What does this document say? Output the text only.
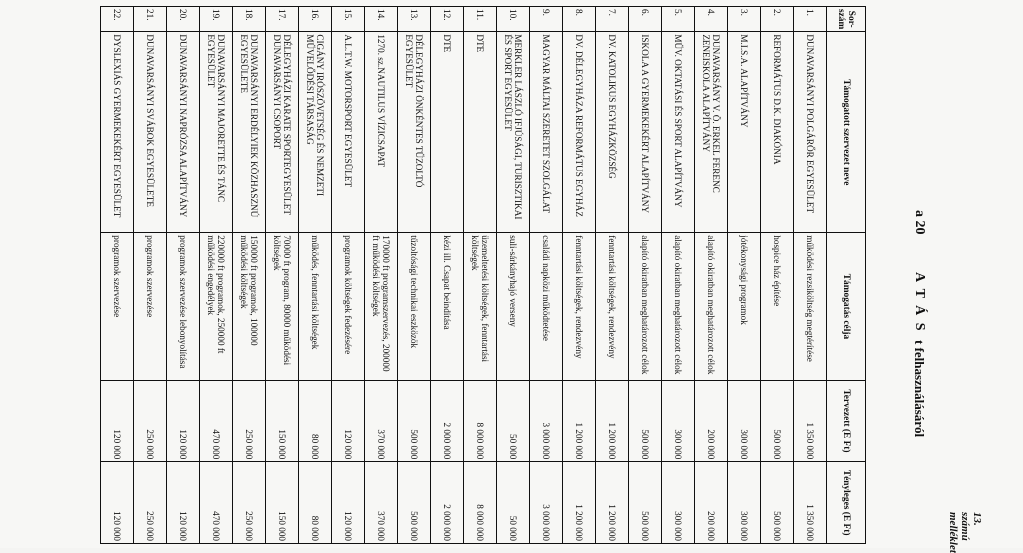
a 20
A T Á S
t felhasználásáról
13. számú melléklet
Sor-szám	Támogatott szervezet neve	Támogatás célja	Tervezett (E Ft)	Tényleges (E Ft)
1.	DUNAVARSÁNYI POLGÁRŐR EGYESÜLET	működési rezsiköltség megtérítése	1 350 000	1 350 000
2.	REFORMÁTUS D.K. DIAKÓNIA	hospice ház építése	500 000	500 000
3.	M.I.S.A. ALAPÍTVÁNY	jótékonysági programok	300 000	300 000
4.	DUNAVARSÁNY V. Ö. ERKEL FERENC ZENEISKOLA ALAPÍTVÁNY	alapító okiratban meghatározott célok	200 000	200 000
5.	MŰV. OKTATÁSI ÉS SPORT ALAPÍTVÁNY	alapító okiratban meghatározott célok	300 000	300 000
6.	ISKOLA A GYERMEKEKÉRT ALAPÍTVÁNY	alapító okiratban meghatározott célok	500 000	500 000
7.	DV. KATOLIKUS EGYHÁZKÖZSÉG	fenntartási költségek, rendezvény	1 200 000	1 200 000
8.	DV. DÉLEGYHÁZA REFORMÁTUS EGYHÁZ	fenntartási költségek, rendezvény	1 200 000	1 200 000
9.	MAGYAR MÁLTAI SZERETET SZOLGÁLAT	családi napközi működtetése	3 000 000	3 000 000
10.	MERKLER LÁSZLÓ IFJÚSÁGI, TURISZTIKAI ÉS SPORT EGYESÜLET	suli-sárkányhajó verseny	50 000	50 000
11.	DTE	üzemeltetési költségek, fenntartási költségek	8 000 000	8 000 000
12.	DTE	kézi ill. Csapat beindítása	2 000 000	2 000 000
13.	DÉLEGYHÁZI ÖNKÉNTES TŰZOLTÓ EGYESÜLET	tűzoltósági technikai eszközök	500 000	500 000
14.	1270. sz.NAUTILUS VÍZICSAPAT	170000 ft programszervezés, 200000 ft működési költségek	370 000	370 000
15.	A.L.T.W. MOTORSPORT EGYESÜLET	programok költségek fedezésére	120 000	120 000
16.	CIGÁNY IRÓSZÖVETSÉG ÉS NEMZETI MŰVELŐDÉSI TÁRSASÁG	működés, fenntartási költségek	80 000	80 000
17.	DÉLEGYHÁZI KARATE SPORTEGYESÜLET DUNAVARSÁNYI CSOPORT	70000 ft program, 80000 működési költségek	150 000	150 000
18.	DUNAVARSÁNYI ERDÉLYIEK KÖZHASZNÚ EGYESÜLETE	150000 ft programok, 100000 működési költségek	250 000	250 000
19.	DUNAVARSÁNYI MAJORETTE ÉS TÁNC EGYESÜLET	220000 ft programok, 250000 ft működési engedélyek	470 000	470 000
20.	DUNAVARSÁNYI NAPRÓZSA ALAPÍTVÁNY	programok szervezése lebonyolítása	120 000	120 000
21.	DUNAVARSÁNYI SVÁBOK EGYESÜLETE	programok szervezése	250 000	250 000
22.	DYSLEXIÁS GYERMEKEKÉRT EGYESÜLET	programok szervezése	120 000	120 000
